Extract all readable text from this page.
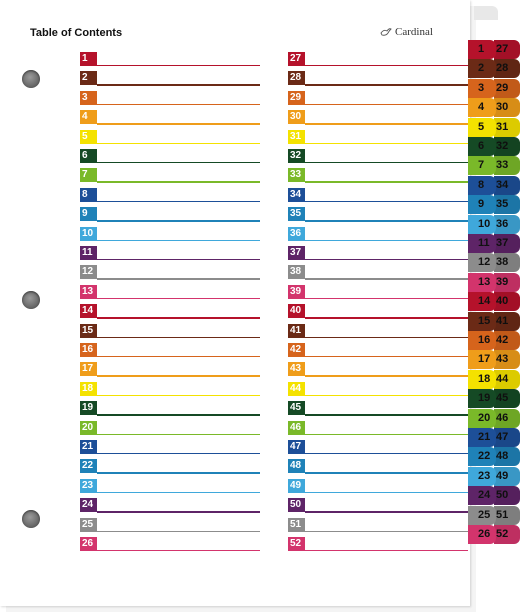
Table of Contents	Cardinal
1
2
3
4
5
6
7
8
9
10
11
12
13
14
15
16
17
18
19
20
21
22
23
24
25
26
27
28
29
30
31
32
33
34
35
36
37
38
39
40
41
42
43
44
45
46
47
48
49
50
51
52
27
1
28
2
29
3
30
4
31
5
32
6
33
7
34
8
35
9
36
10
37
11
38
12
39
13
40
14
41
15
42
16
43
17
44
18
45
19
46
20
47
21
48
22
49
23
50
24
51
25
52
26
